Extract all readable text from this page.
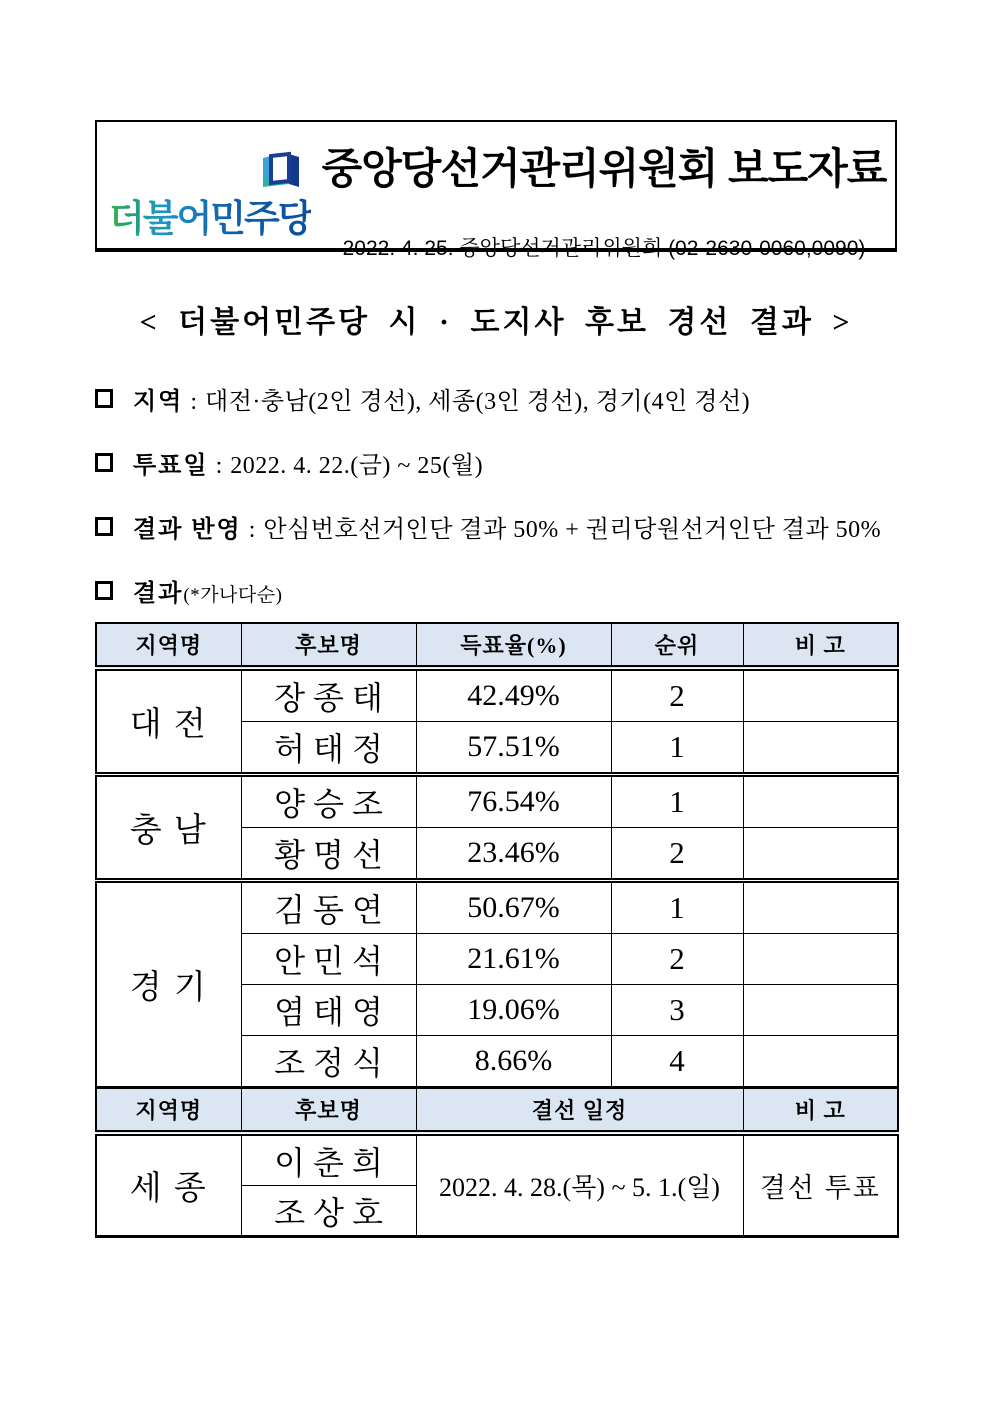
더불어민주당
중앙당선거관리위원회 보도자료
2022. 4. 25. 중앙당선거관리위원회 (02-2630-0060,0090)
< 더불어민주당 시 · 도지사 후보 경선 결과 >
지역 : 대전·충남(2인 경선), 세종(3인 경선), 경기(4인 경선)
투표일 : 2022. 4. 22.(금) ~ 25(월)
결과 반영 : 안심번호선거인단 결과 50% + 권리당원선거인단 결과 50%
결과(*가나다순)
지역명	후보명	득표율(%)	순위	비 고
대 전	장 종 태	42.49%	2	
	허 태 정	57.51%	1	
충 남	양 승 조	76.54%	1	
	황 명 선	23.46%	2	
경 기	김 동 연	50.67%	1	
	안 민 석	21.61%	2	
	염 태 영	19.06%	3	
	조 정 식	8.66%	4	
지역명	후보명	결선 일정	비 고
세 종	이 춘 희	2022. 4. 28.(목) ~ 5. 1.(일)	결선 투표
	조 상 호		
